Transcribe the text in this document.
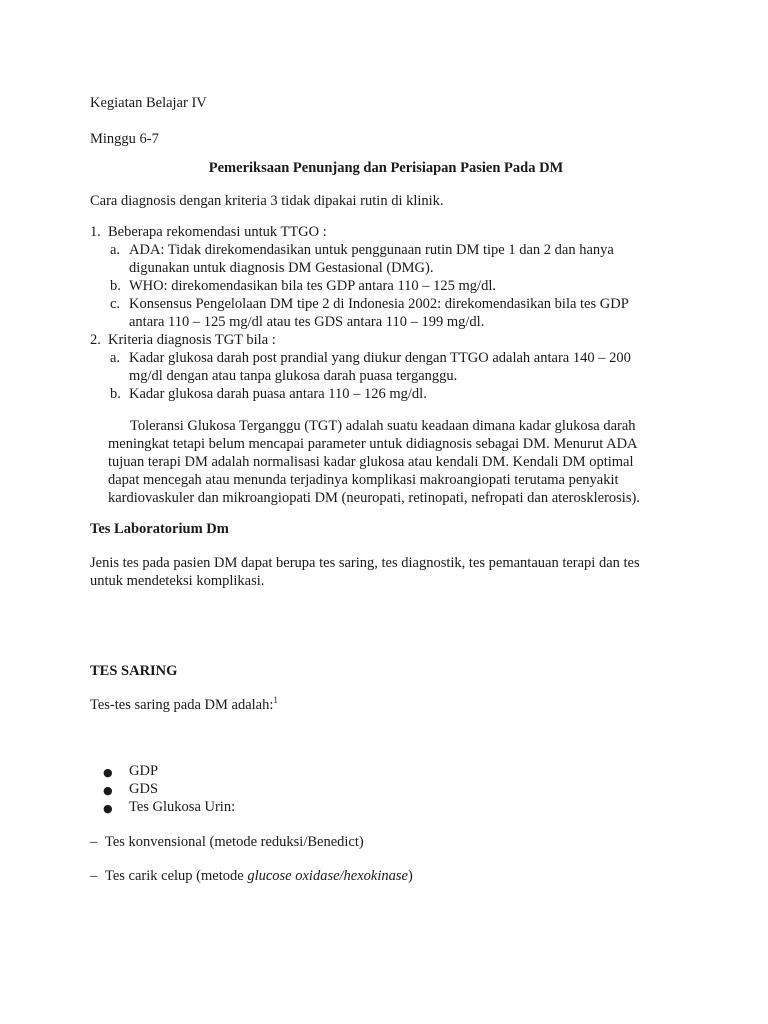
Kegiatan Belajar IV

Minggu 6-7

Pemeriksaan Penunjang dan Perisiapan Pasien Pada DM

Cara diagnosis dengan kriteria 3 tidak dipakai rutin di klinik.

1. Beberapa rekomendasi untuk TTGO :
a. ADA: Tidak direkomendasikan untuk penggunaan rutin DM tipe 1 dan 2 dan hanya
digunakan untuk diagnosis DM Gestasional (DMG).
b. WHO: direkomendasikan bila tes GDP antara 110 – 125 mg/dl.
c. Konsensus Pengelolaan DM tipe 2 di Indonesia 2002: direkomendasikan bila tes GDP
antara 110 – 125 mg/dl atau tes GDS antara 110 – 199 mg/dl.
2. Kriteria diagnosis TGT bila :
a. Kadar glukosa darah post prandial yang diukur dengan TTGO adalah antara 140 – 200
mg/dl dengan atau tanpa glukosa darah puasa terganggu.
b. Kadar glukosa darah puasa antara 110 – 126 mg/dl.
Toleransi Glukosa Terganggu (TGT) adalah suatu keadaan dimana kadar glukosa darah
meningkat tetapi belum mencapai parameter untuk didiagnosis sebagai DM. Menurut ADA
tujuan terapi DM adalah normalisasi kadar glukosa atau kendali DM. Kendali DM optimal
dapat mencegah atau menunda terjadinya komplikasi makroangiopati terutama penyakit
kardiovaskuler dan mikroangiopati DM (neuropati, retinopati, nefropati dan aterosklerosis).

Tes Laboratorium Dm

Jenis tes pada pasien DM dapat berupa tes saring, tes diagnostik, tes pemantauan terapi dan tes
untuk mendeteksi komplikasi.

TES SARING

Tes-tes saring pada DM adalah:$^1$

● GDP
● GDS
● Tes Glukosa Urin:
– Tes konvensional (metode reduksi/Benedict)
– Tes carik celup (metode glucose oxidase/hexokinase)
